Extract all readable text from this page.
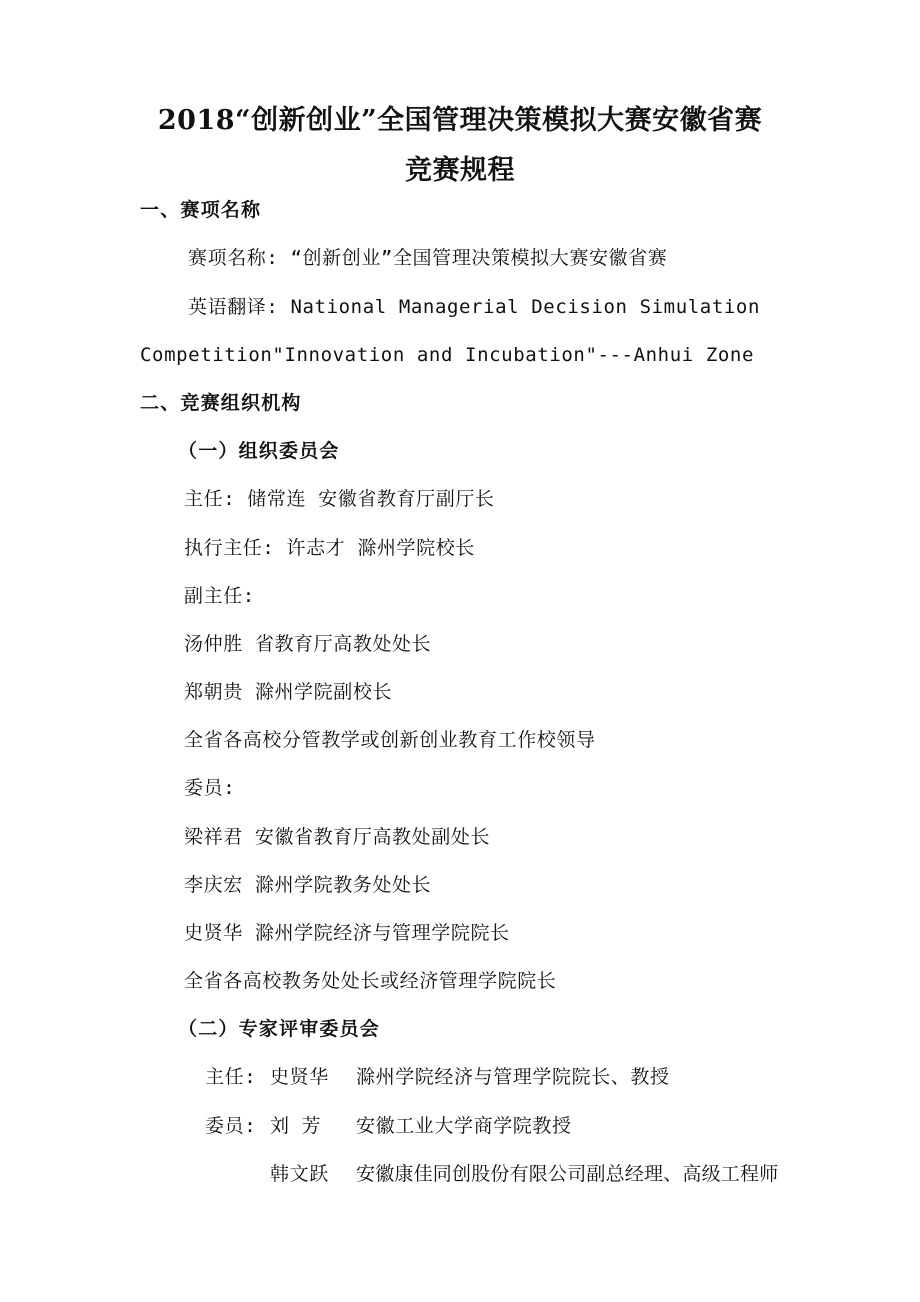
2018“创新创业”全国管理决策模拟大赛安徽省赛
竞赛规程
一、赛项名称
赛项名称: “创新创业”全国管理决策模拟大赛安徽省赛
英语翻译: National Managerial Decision Simulation
Competition"Innovation and Incubation"---Anhui Zone
二、竞赛组织机构
（一）组织委员会
主任: 储常连 安徽省教育厅副厅长
执行主任: 许志才 滁州学院校长
副主任:
汤仲胜 省教育厅高教处处长
郑朝贵 滁州学院副校长
全省各高校分管教学或创新创业教育工作校领导
委员:
梁祥君 安徽省教育厅高教处副处长
李庆宏 滁州学院教务处处长
史贤华 滁州学院经济与管理学院院长
全省各高校教务处处长或经济管理学院院长
（二）专家评审委员会
主任: 史贤华 滁州学院经济与管理学院院长、教授
委员: 刘 芳 安徽工业大学商学院教授
韩文跃 安徽康佳同创股份有限公司副总经理、高级工程师
